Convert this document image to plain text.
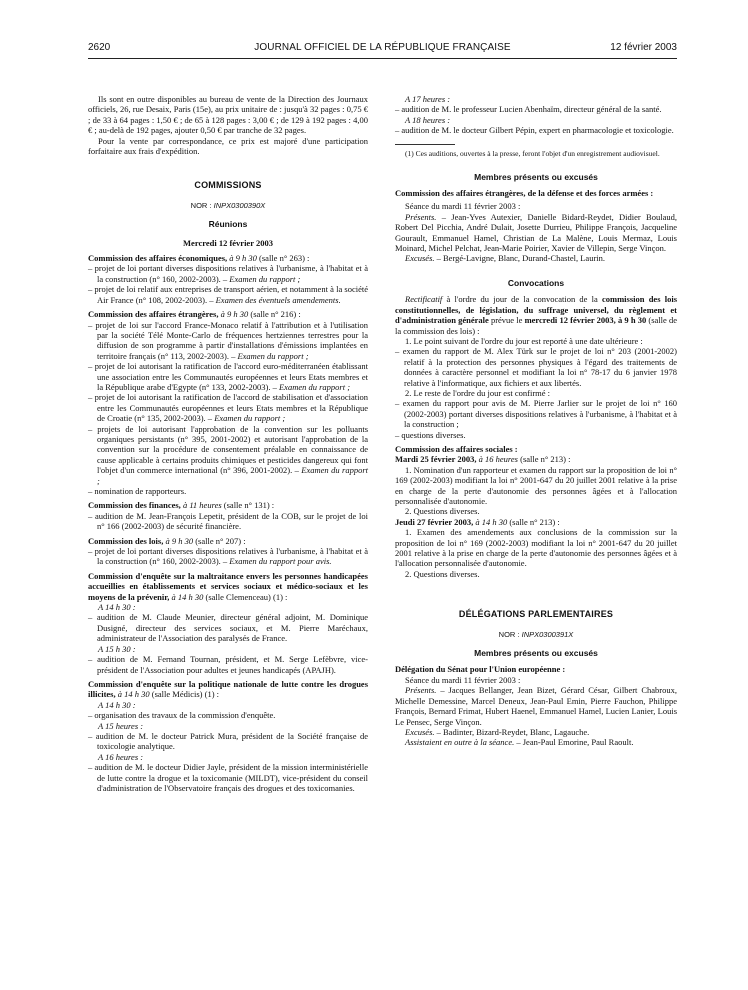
2620	JOURNAL OFFICIEL DE LA RÉPUBLIQUE FRANÇAISE	12 février 2003

Ils sont en outre disponibles au bureau de vente de la Direction des Journaux officiels, 26, rue Desaix, Paris (15e), au prix unitaire de : jusqu'à 32 pages : 0,75 € ; de 33 à 64 pages : 1,50 € ; de 65 à 128 pages : 3,00 € ; de 129 à 192 pages : 4,00 € ; au-delà de 192 pages, ajouter 0,50 € par tranche de 32 pages.

Pour la vente par correspondance, ce prix est majoré d'une participation forfaitaire aux frais d'expédition.

COMMISSIONS

NOR : INPX0300390X

Réunions

Mercredi 12 février 2003

Commission des affaires économiques, à 9 h 30 (salle n° 263) :

– projet de loi portant diverses dispositions relatives à l'urbanisme, à l'habitat et à la construction (n° 160, 2002-2003). – Examen du rapport ;

– projet de loi relatif aux entreprises de transport aérien, et notamment à la société Air France (n° 108, 2002-2003). – Examen des éventuels amendements.

Commission des affaires étrangères, à 9 h 30 (salle n° 216) :

– projet de loi sur l'accord France-Monaco relatif à l'attribution et à l'utilisation par la société Télé Monte-Carlo de fréquences hertziennes terrestres pour la diffusion de son programme à partir d'installations d'émissions implantées en territoire français (n° 113, 2002-2003). – Examen du rapport ;

– projet de loi autorisant la ratification de l'accord euro-méditerranéen établissant une association entre les Communautés européennes et leurs Etats membres et la République arabe d'Egypte (n° 133, 2002-2003). – Examen du rapport ;

– projet de loi autorisant la ratification de l'accord de stabilisation et d'association entre les Communautés européennes et leurs Etats membres et la République de Croatie (n° 135, 2002-2003). – Examen du rapport ;

– projets de loi autorisant l'approbation de la convention sur les polluants organiques persistants (n° 395, 2001-2002) et autorisant l'approbation de la convention sur la procédure de consentement préalable en connaissance de cause applicable à certains produits chimiques et pesticides dangereux qui font l'objet d'un commerce international (n° 396, 2001-2002). – Examen du rapport ;

– nomination de rapporteurs.

Commission des finances, à 11 heures (salle n° 131) :

– audition de M. Jean-François Lepetit, président de la COB, sur le projet de loi n° 166 (2002-2003) de sécurité financière.

Commission des lois, à 9 h 30 (salle n° 207) :

– projet de loi portant diverses dispositions relatives à l'urbanisme, à l'habitat et à la construction (n° 160, 2002-2003). – Examen du rapport pour avis.

Commission d'enquête sur la maltraitance envers les personnes handicapées accueillies en établissements et services sociaux et médico-sociaux et les moyens de la prévenir, à 14 h 30 (salle Clemenceau) (1) :

A 14 h 30 :

– audition de M. Claude Meunier, directeur général adjoint, M. Dominique Dusigné, directeur des services sociaux, et M. Pierre Maréchaux, administrateur de l'Association des paralysés de France.

A 15 h 30 :

– audition de M. Fernand Tournan, président, et M. Serge Lefèbvre, vice-président de l'Association pour adultes et jeunes handicapés (APAJH).

Commission d'enquête sur la politique nationale de lutte contre les drogues illicites, à 14 h 30 (salle Médicis) (1) :

A 14 h 30 :

– organisation des travaux de la commission d'enquête.

A 15 heures :

– audition de M. le docteur Patrick Mura, président de la Société française de toxicologie analytique.

A 16 heures :

– audition de M. le docteur Didier Jayle, président de la mission interministérielle de lutte contre la drogue et la toxicomanie (MILDT), vice-président du conseil d'administration de l'Observatoire français des drogues et des toxicomanies.

A 17 heures :

– audition de M. le professeur Lucien Abenhaïm, directeur général de la santé.

A 18 heures :

– audition de M. le docteur Gilbert Pépin, expert en pharmacologie et toxicologie.

(1) Ces auditions, ouvertes à la presse, feront l'objet d'un enregistrement audiovisuel.

Membres présents ou excusés

Commission des affaires étrangères, de la défense et des forces armées :

Séance du mardi 11 février 2003 :

Présents. – Jean-Yves Autexier, Danielle Bidard-Reydet, Didier Boulaud, Robert Del Picchia, André Dulait, Josette Durrieu, Philippe François, Jacqueline Gourault, Emmanuel Hamel, Christian de La Malène, Louis Mermaz, Louis Moinard, Michel Pelchat, Jean-Marie Poirier, Xavier de Villepin, Serge Vinçon.

Excusés. – Bergé-Lavigne, Blanc, Durand-Chastel, Laurin.

Convocations

Rectificatif à l'ordre du jour de la convocation de la commission des lois constitutionnelles, de législation, du suffrage universel, du règlement et d'administration générale prévue le mercredi 12 février 2003, à 9 h 30 (salle de la commission des lois) :

1. Le point suivant de l'ordre du jour est reporté à une date ultérieure :

– examen du rapport de M. Alex Türk sur le projet de loi n° 203 (2001-2002) relatif à la protection des personnes physiques à l'égard des traitements de données à caractère personnel et modifiant la loi n° 78-17 du 6 janvier 1978 relative à l'informatique, aux fichiers et aux libertés.

2. Le reste de l'ordre du jour est confirmé :

– examen du rapport pour avis de M. Pierre Jarlier sur le projet de loi n° 160 (2002-2003) portant diverses dispositions relatives à l'urbanisme, à l'habitat et à la construction ;

– questions diverses.

Commission des affaires sociales :

Mardi 25 février 2003, à 16 heures (salle n° 213) :

1. Nomination d'un rapporteur et examen du rapport sur la proposition de loi n° 169 (2002-2003) modifiant la loi n° 2001-647 du 20 juillet 2001 relative à la prise en charge de la perte d'autonomie des personnes âgées et à l'allocation personnalisée d'autonomie.

2. Questions diverses.

Jeudi 27 février 2003, à 14 h 30 (salle n° 213) :

1. Examen des amendements aux conclusions de la commission sur la proposition de loi n° 169 (2002-2003) modifiant la loi n° 2001-647 du 20 juillet 2001 relative à la prise en charge de la perte d'autonomie des personnes âgées et à l'allocation personnalisée d'autonomie.

2. Questions diverses.

DÉLÉGATIONS PARLEMENTAIRES

NOR : INPX0300391X

Membres présents ou excusés

Délégation du Sénat pour l'Union européenne :

Séance du mardi 11 février 2003 :

Présents. – Jacques Bellanger, Jean Bizet, Gérard César, Gilbert Chabroux, Michelle Demessine, Marcel Deneux, Jean-Paul Emin, Pierre Fauchon, Philippe François, Bernard Frimat, Hubert Haenel, Emmanuel Hamel, Lucien Lanier, Louis Le Pensec, Serge Vinçon.

Excusés. – Badinter, Bizard-Reydet, Blanc, Lagauche.

Assistaient en outre à la séance. – Jean-Paul Emorine, Paul Raoult.
